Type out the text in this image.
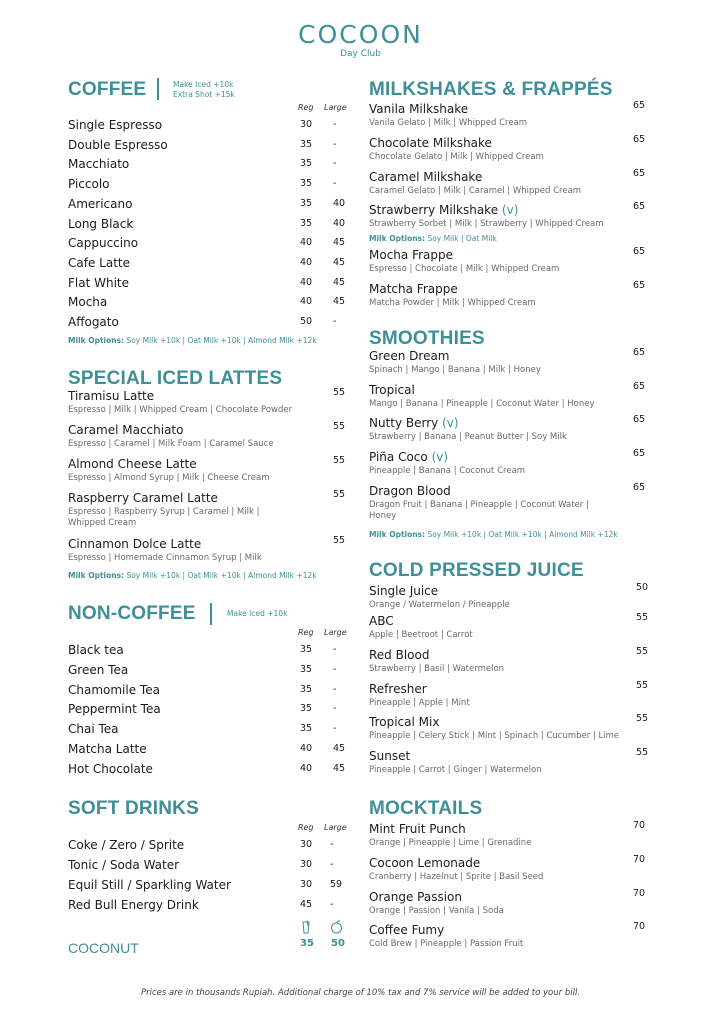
COCOON
Day Club
COFFEE	Make Iced +10k
Extra Shot +15k
Reg Large
Single Espresso	30 -
Double Espresso	35 -
Macchiato	35 -
Piccolo	35 -
Americano	35 40
Long Black	35 40
Cappuccino	40 45
Cafe Latte	40 45
Flat White	40 45
Mocha	40 45
Affogato	50 -
Milk Options: Soy Milk +10k | Oat Milk +10k | Almond Milk +12k
SPECIAL ICED LATTES
Tiramisu Latte
Espresso | Milk | Whipped Cream | Chocolate Powder
55
Caramel Macchiato
Espresso | Caramel | Milk Foam | Caramel Sauce
55
Almond Cheese Latte
Espresso | Almond Syrup | Milk | Cheese Cream
55
Raspberry Caramel Latte
Espresso | Raspberry Syrup | Caramel | Milk |
Whipped Cream
55
Cinnamon Dolce Latte
Espresso | Homemade Cinnamon Syrup | Milk
55
Milk Options: Soy Milk +10k | Oat Milk +10k | Almond Milk +12k
NON-COFFEE	Make Iced +10k
Reg Large
Black tea	35 -
Green Tea	35 -
Chamomile Tea	35 -
Peppermint Tea	35 -
Chai Tea	35 -
Matcha Latte	40 45
Hot Chocolate	40 45
SOFT DRINKS
Reg Large
Coke / Zero / Sprite	30 -
Tonic / Soda Water	30 -
Equil Still / Sparkling Water	30 59
Red Bull Energy Drink	45 -
COCONUT	35 50
MILKSHAKES & FRAPPÉS
Vanila Milkshake
Vanila Gelato | Milk | Whipped Cream
65
Chocolate Milkshake
Chocolate Gelato | Milk | Whipped Cream
65
Caramel Milkshake
Caramel Gelato | Milk | Caramel | Whipped Cream
65
Strawberry Milkshake (v)
Strawberry Sorbet | Milk | Strawberry | Whipped Cream
65
Mocha Frappe
Espresso | Chocolate | Milk | Whipped Cream
65
Matcha Frappe
Matcha Powder | Milk | Whipped Cream
65
Milk Options: Soy Milk | Oat Milk
SMOOTHIES
Green Dream
Spinach | Mango | Banana | Milk | Honey
65
Tropical
Mango | Banana | Pineapple | Coconut Water | Honey
65
Nutty Berry (v)
Strawberry | Banana | Peanut Butter | Soy Milk
65
Piña Coco (v)
Pineapple | Banana | Coconut Cream
65
Dragon Blood
Dragon Fruit | Banana | Pineapple | Coconut Water |
Honey
65
Milk Options: Soy Milk +10k | Oat Milk +10k | Almond Milk +12k
COLD PRESSED JUICE
Single Juice
Orange / Watermelon / Pineapple
50
ABC
Apple | Beetroot | Carrot
55
Red Blood
Strawberry | Basil | Watermelon
55
Refresher
Pineapple | Apple | Mint
55
Tropical Mix
Pineapple | Celery Stick | Mint | Spinach | Cucumber | Lime
55
Sunset
Pineapple | Carrot | Ginger | Watermelon
55
MOCKTAILS
Mint Fruit Punch
Orange | Pineapple | Lime | Grenadine
70
Cocoon Lemonade
Cranberry | Hazelnut | Sprite | Basil Seed
70
Orange Passion
Orange | Passion | Vanila | Soda
70
Coffee Fumy
Cold Brew | Pineapple | Passion Fruit
70
Prices are in thousands Rupiah. Additional charge of 10% tax and 7% service will be added to your bill.
